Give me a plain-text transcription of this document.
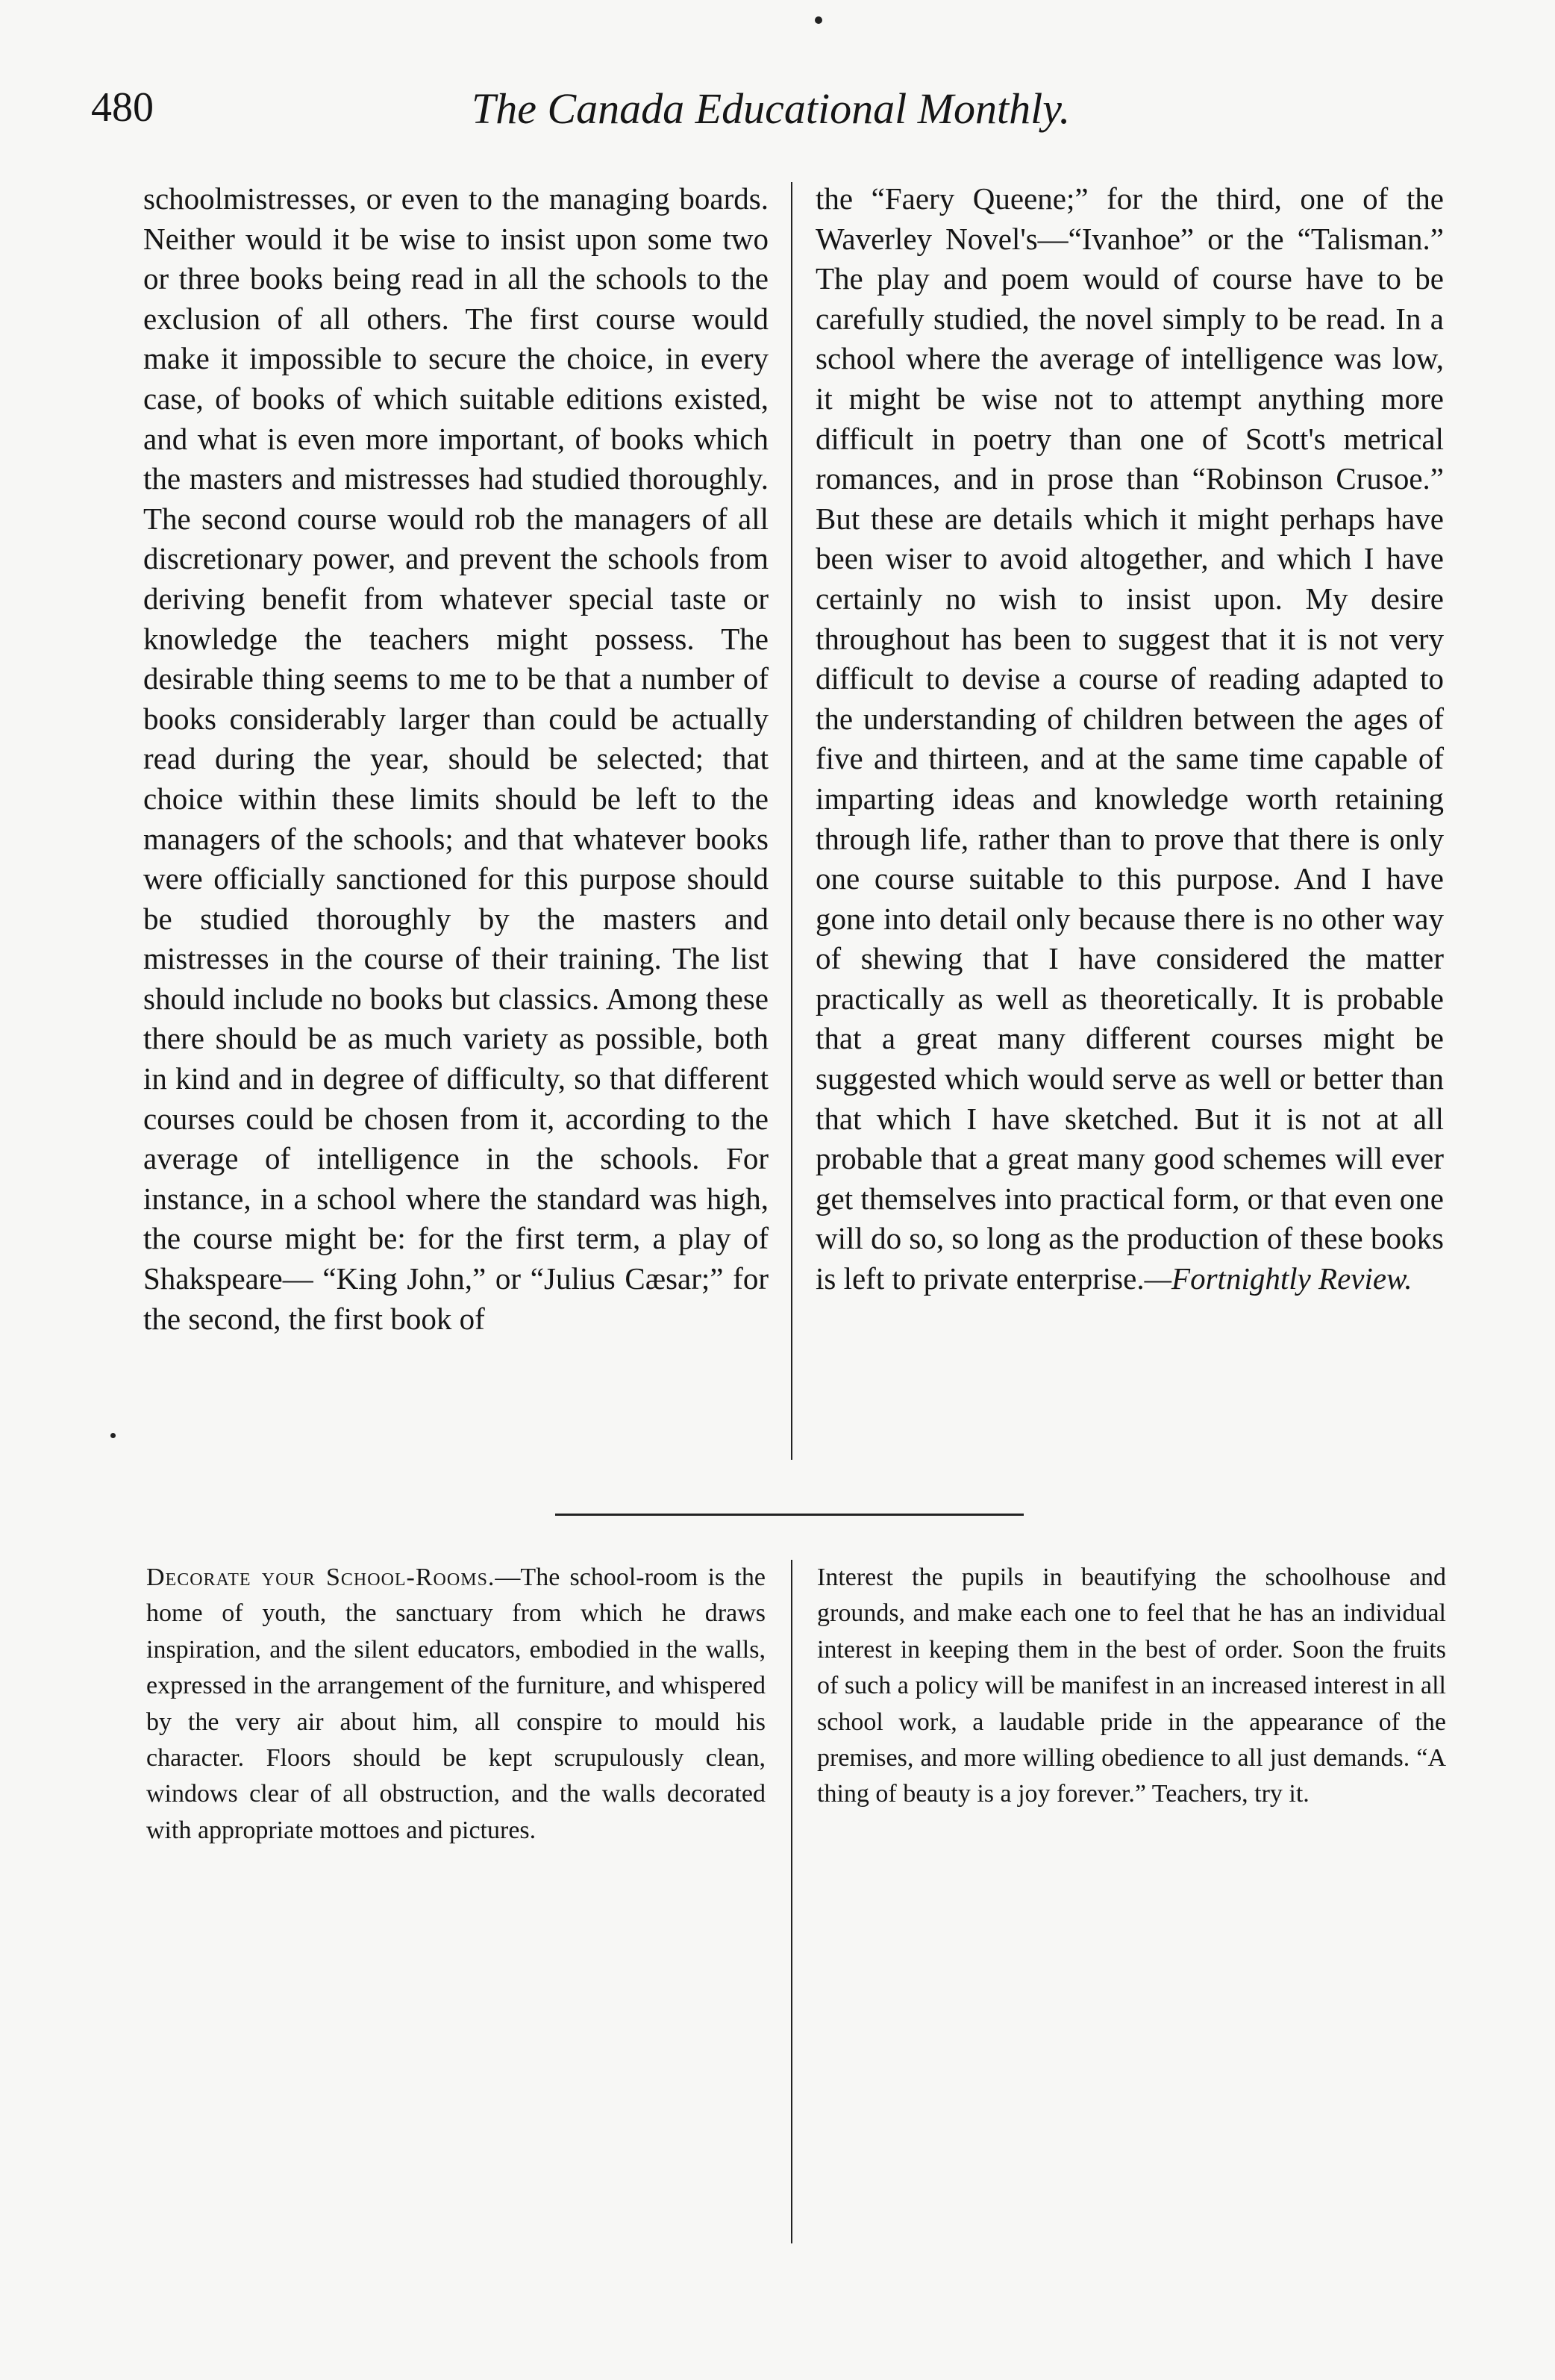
480	The Canada Educational Monthly.

schoolmistresses, or even to the managing boards. Neither would it be wise to insist upon some two or three books being read in all the schools to the exclusion of all others. The first course would make it impossible to secure the choice, in every case, of books of which suitable editions existed, and what is even more important, of books which the masters and mistresses had studied thoroughly. The second course would rob the managers of all discretionary power, and prevent the schools from deriving benefit from whatever special taste or knowledge the teachers might possess. The desirable thing seems to me to be that a number of books considerably larger than could be actually read during the year, should be selected; that choice within these limits should be left to the managers of the schools; and that whatever books were officially sanctioned for this purpose should be studied thoroughly by the masters and mistresses in the course of their training. The list should include no books but classics. Among these there should be as much variety as possible, both in kind and in degree of difficulty, so that different courses could be chosen from it, according to the average of intelligence in the schools. For instance, in a school where the standard was high, the course might be: for the first term, a play of Shakspeare— “King John,” or “Julius Cæsar;” for the second, the first book of

the “Faery Queene;” for the third, one of the Waverley Novel's—“Ivanhoe” or the “Talisman.” The play and poem would of course have to be carefully studied, the novel simply to be read. In a school where the average of intelligence was low, it might be wise not to attempt anything more difficult in poetry than one of Scott's metrical romances, and in prose than “Robinson Crusoe.” But these are details which it might perhaps have been wiser to avoid altogether, and which I have certainly no wish to insist upon. My desire throughout has been to suggest that it is not very difficult to devise a course of reading adapted to the understanding of children between the ages of five and thirteen, and at the same time capable of imparting ideas and knowledge worth retaining through life, rather than to prove that there is only one course suitable to this purpose. And I have gone into detail only because there is no other way of shewing that I have considered the matter practically as well as theoretically. It is probable that a great many different courses might be suggested which would serve as well or better than that which I have sketched. But it is not at all probable that a great many good schemes will ever get themselves into practical form, or that even one will do so, so long as the production of these books is left to private enterprise.—Fortnightly Review.

Decorate your School-Rooms.—The school-room is the home of youth, the sanctuary from which he draws inspiration, and the silent educators, embodied in the walls, expressed in the arrangement of the furniture, and whispered by the very air about him, all conspire to mould his character. Floors should be kept scrupulously clean, windows clear of all obstruction, and the walls decorated with appropriate mottoes and pictures.

Interest the pupils in beautifying the schoolhouse and grounds, and make each one to feel that he has an individual interest in keeping them in the best of order. Soon the fruits of such a policy will be manifest in an increased interest in all school work, a laudable pride in the appearance of the premises, and more willing obedience to all just demands. “A thing of beauty is a joy forever.” Teachers, try it.
